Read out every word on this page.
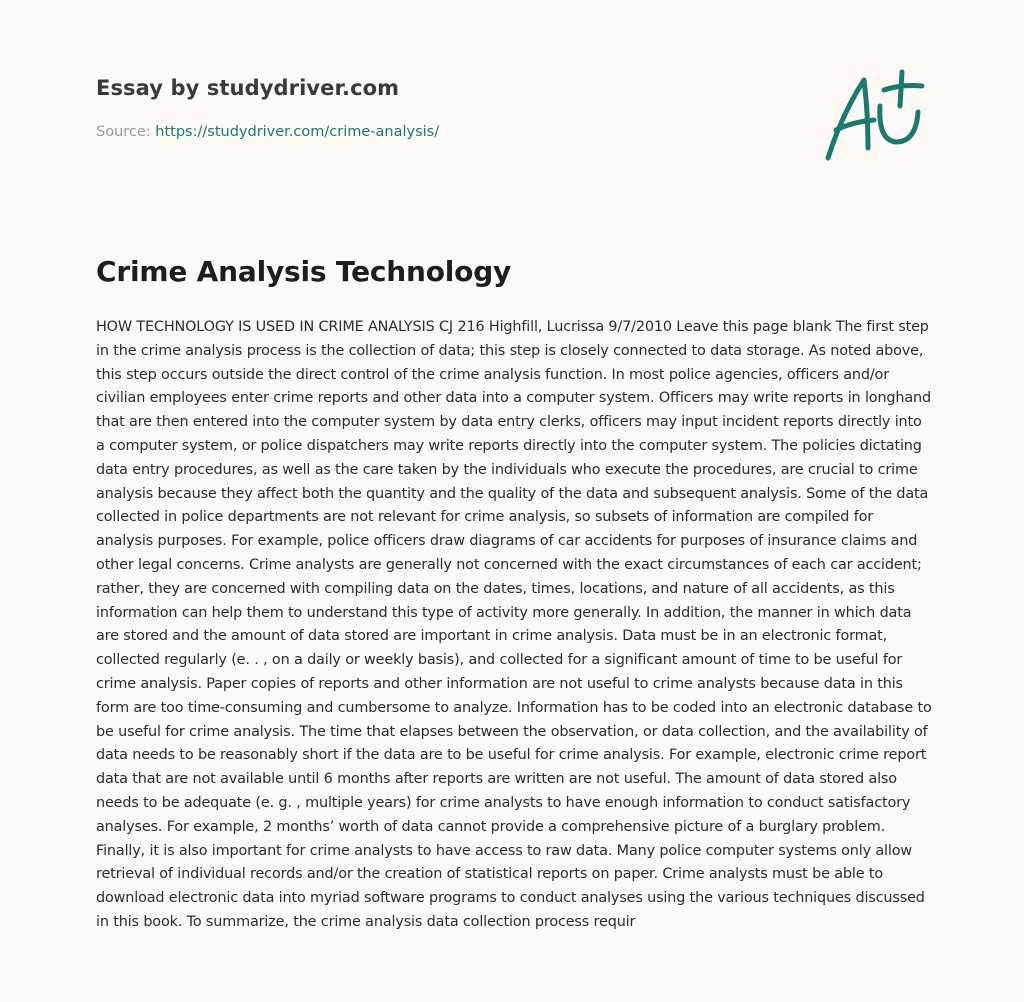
Essay by studydriver.com
Source: https://studydriver.com/crime-analysis/
Crime Analysis Technology

HOW TECHNOLOGY IS USED IN CRIME ANALYSIS CJ 216 Highfill, Lucrissa 9/7/2010 Leave this page blank The first step in the crime analysis process is the collection of data; this step is closely connected to data storage. As noted above, this step occurs outside the direct control of the crime analysis function. In most police agencies, officers and/or civilian employees enter crime reports and other data into a computer system. Officers may write reports in longhand that are then entered into the computer system by data entry clerks, officers may input incident reports directly into a computer system, or police dispatchers may write reports directly into the computer system. The policies dictating data entry procedures, as well as the care taken by the individuals who execute the procedures, are crucial to crime analysis because they affect both the quantity and the quality of the data and subsequent analysis. Some of the data collected in police departments are not relevant for crime analysis, so subsets of information are compiled for analysis purposes. For example, police officers draw diagrams of car accidents for purposes of insurance claims and other legal concerns. Crime analysts are generally not concerned with the exact circumstances of each car accident; rather, they are concerned with compiling data on the dates, times, locations, and nature of all accidents, as this information can help them to understand this type of activity more generally. In addition, the manner in which data are stored and the amount of data stored are important in crime analysis. Data must be in an electronic format, collected regularly (e. . , on a daily or weekly basis), and collected for a significant amount of time to be useful for crime analysis. Paper copies of reports and other information are not useful to crime analysts because data in this form are too time-consuming and cumbersome to analyze. Information has to be coded into an electronic database to be useful for crime analysis. The time that elapses between the observation, or data collection, and the availability of data needs to be reasonably short if the data are to be useful for crime analysis. For example, electronic crime report data that are not available until 6 months after reports are written are not useful. The amount of data stored also needs to be adequate (e. g. , multiple years) for crime analysts to have enough information to conduct satisfactory analyses. For example, 2 months’ worth of data cannot provide a comprehensive picture of a burglary problem. Finally, it is also important for crime analysts to have access to raw data. Many police computer systems only allow retrieval of individual records and/or the creation of statistical reports on paper. Crime analysts must be able to download electronic data into myriad software programs to conduct analyses using the various techniques discussed in this book. To summarize, the crime analysis data collection process requir
